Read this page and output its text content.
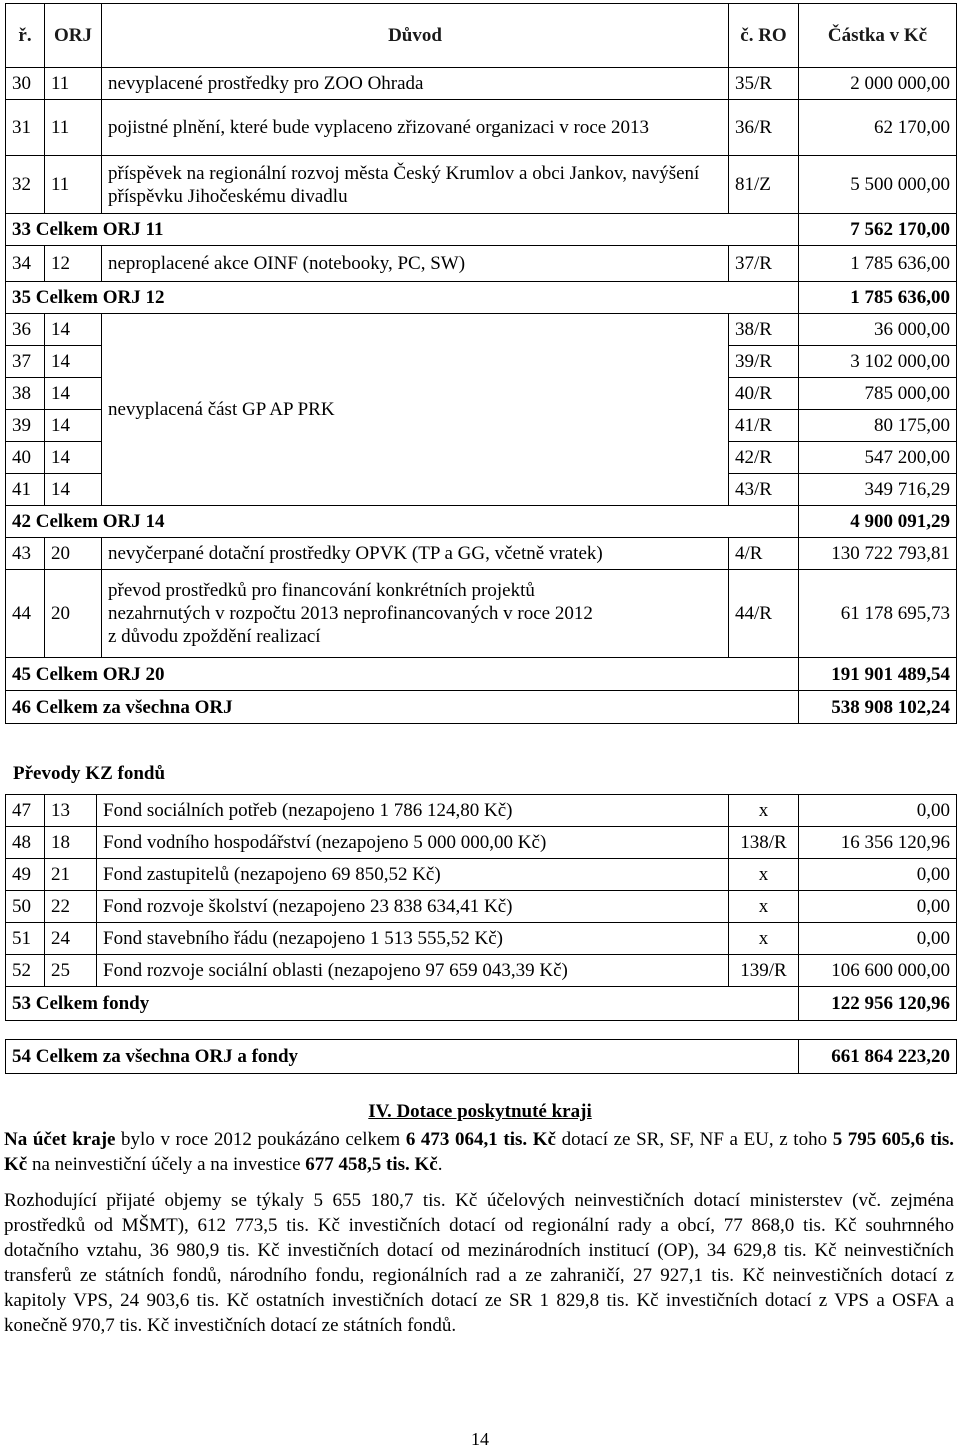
ř.	ORJ	Důvod	č. RO	Částka v Kč
30	11	nevyplacené prostředky pro ZOO Ohrada	35/R	2 000 000,00
31	11	pojistné plnění, které bude vyplaceno zřizované organizaci v roce 2013	36/R	62 170,00
32	11	příspěvek na regionální rozvoj města Český Krumlov a obci Jankov, navýšení příspěvku Jihočeskému divadlu	81/Z	5 500 000,00
33 Celkem ORJ 11				7 562 170,00
34	12	neproplacené akce OINF (notebooky, PC, SW)	37/R	1 785 636,00
35 Celkem ORJ 12				1 785 636,00
36	14	nevyplacená část GP AP PRK	38/R	36 000,00
37	14		39/R	3 102 000,00
38	14		40/R	785 000,00
39	14		41/R	80 175,00
40	14		42/R	547 200,00
41	14		43/R	349 716,29
42 Celkem ORJ 14				4 900 091,29
43	20	nevyčerpané dotační prostředky OPVK (TP a GG, včetně vratek)	4/R	130 722 793,81
44	20	převod prostředků pro financování konkrétních projektů
nezahrnutých v rozpočtu 2013 neprofinancovaných v roce 2012
z důvodu zpoždění realizací	44/R	61 178 695,73
45 Celkem ORJ 20				191 901 489,54
46 Celkem za všechna ORJ				538 908 102,24
Převody KZ fondů
47	13	Fond sociálních potřeb (nezapojeno 1 786 124,80 Kč)	x	0,00
48	18	Fond vodního hospodářství (nezapojeno 5 000 000,00 Kč)	138/R	16 356 120,96
49	21	Fond zastupitelů (nezapojeno 69 850,52 Kč)	x	0,00
50	22	Fond rozvoje školství (nezapojeno 23 838 634,41 Kč)	x	0,00
51	24	Fond stavebního řádu (nezapojeno 1 513 555,52 Kč)	x	0,00
52	25	Fond rozvoje sociální oblasti (nezapojeno 97 659 043,39 Kč)	139/R	106 600 000,00
53 Celkem fondy				122 956 120,96
54 Celkem za všechna ORJ a fondy	661 864 223,20
IV. Dotace poskytnuté kraji
Na účet kraje bylo v roce 2012 poukázáno celkem 6 473 064,1 tis. Kč dotací ze SR, SF, NF a EU, z toho 5 795 605,6 tis. Kč na neinvestiční účely a na investice 677 458,5 tis. Kč.
Rozhodující přijaté objemy se týkaly 5 655 180,7 tis. Kč účelových neinvestičních dotací ministerstev (vč. zejména prostředků od MŠMT), 612 773,5 tis. Kč investičních dotací od regionální rady a obcí, 77 868,0 tis. Kč souhrnného dotačního vztahu, 36 980,9 tis. Kč investičních dotací od mezinárodních institucí (OP), 34 629,8 tis. Kč neinvestičních transferů ze státních fondů, národního fondu, regionálních rad a ze zahraničí, 27 927,1 tis. Kč neinvestičních dotací z kapitoly VPS, 24 903,6 tis. Kč ostatních investičních dotací ze SR 1 829,8 tis. Kč investičních dotací z VPS a OSFA a konečně 970,7 tis. Kč investičních dotací ze státních fondů.
14
